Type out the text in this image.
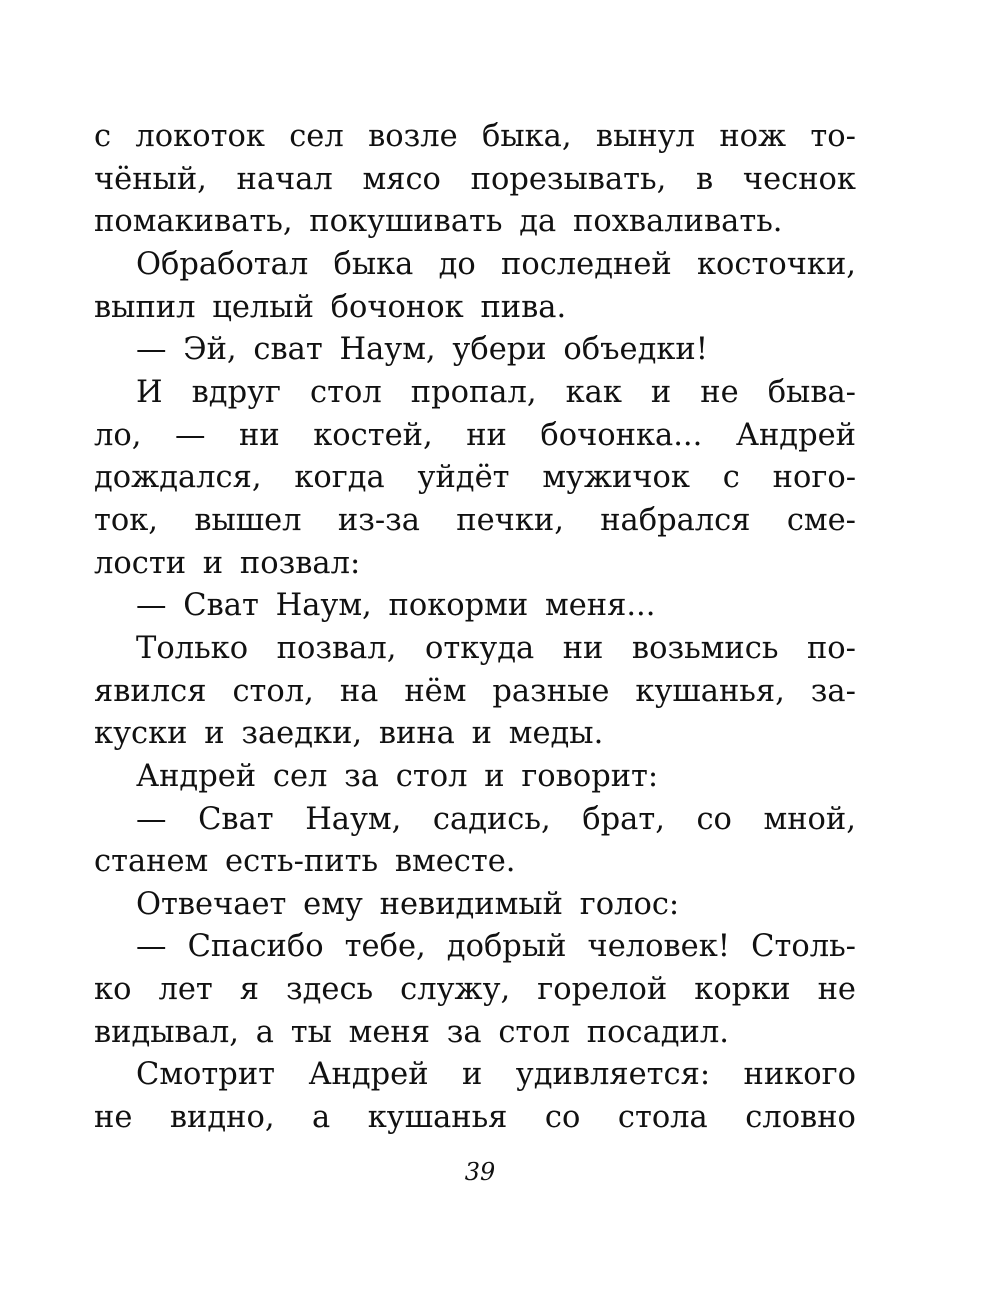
с локоток сел возле быка, вынул нож то-
чёный, начал мясо порезывать, в чеснок
помакивать, покушивать да похваливать.
Обработал быка до последней косточки,
выпил целый бочонок пива.
— Эй, сват Наум, убери объедки!
И вдруг стол пропал, как и не быва-
ло, — ни костей, ни бочонка... Андрей
дождался, когда уйдёт мужичок с ного-
ток, вышел из-за печки, набрался сме-
лости и позвал:
— Сват Наум, покорми меня...
Только позвал, откуда ни возьмись по-
явился стол, на нём разные кушанья, за-
куски и заедки, вина и меды.
Андрей сел за стол и говорит:
— Сват Наум, садись, брат, со мной,
станем есть-пить вместе.
Отвечает ему невидимый голос:
— Спасибо тебе, добрый человек! Столь-
ко лет я здесь служу, горелой корки не
видывал, а ты меня за стол посадил.
Смотрит Андрей и удивляется: никого
не видно, а кушанья со стола словно
39
